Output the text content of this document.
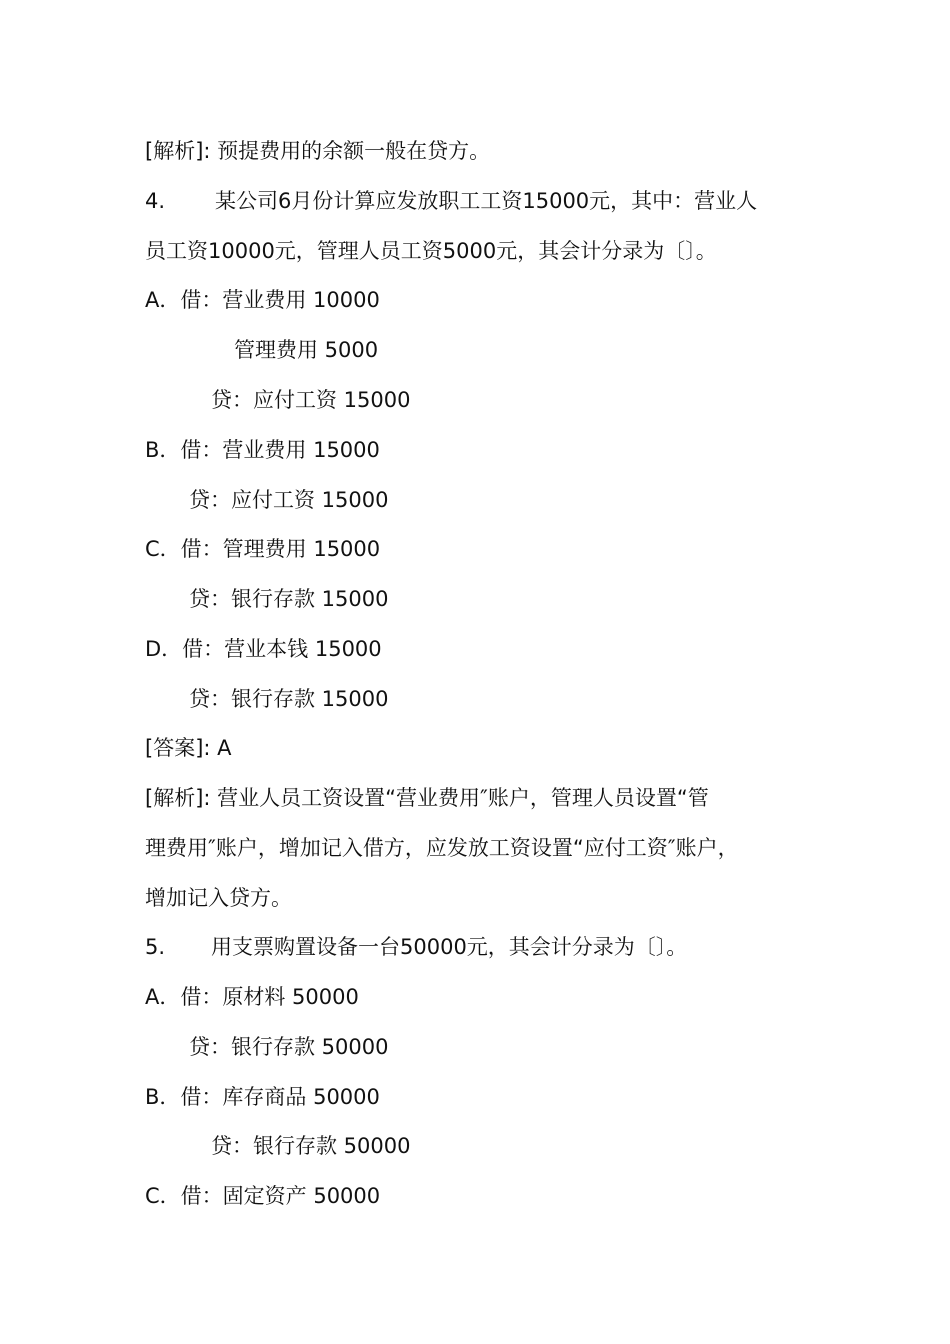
[解析]: 预提费用的余额一般在贷方。
4. 某公司6月份计算应发放职工工资15000元，其中：营业人
员工资10000元，管理人员工资5000元，其会计分录为〔〕。
A．借：营业费用 10000
管理费用 5000
贷：应付工资 15000
B．借：营业费用 15000
贷：应付工资 15000
C．借：管理费用 15000
贷：银行存款 15000
D．借：营业本钱 15000
贷：银行存款 15000
[答案]: A
[解析]: 营业人员工资设置“营业费用″账户，管理人员设置“管
理费用″账户，增加记入借方，应发放工资设置“应付工资″账户，
增加记入贷方。
5. 用支票购置设备一台50000元，其会计分录为〔〕。
A．借：原材料 50000
贷：银行存款 50000
B．借：库存商品 50000
贷：银行存款 50000
C．借：固定资产 50000
